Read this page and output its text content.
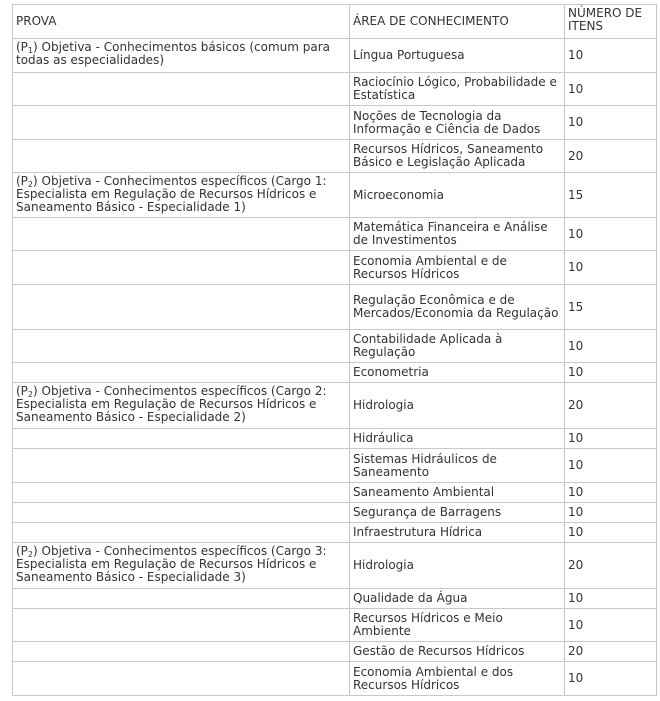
PROVA	ÁREA DE CONHECIMENTO	NÚMERO DE ITENS
$(P_1)$ Objetiva - Conhecimentos básicos (comum para todas as especialidades)	Língua Portuguesa	10
	Raciocínio Lógico, Probabilidade e Estatística	10
	Noções de Tecnologia da Informação e Ciência de Dados	10
	Recursos Hídricos, Saneamento Básico e Legislação Aplicada	20
$(P_2)$ Objetiva - Conhecimentos específicos (Cargo 1: Especialista em Regulação de Recursos Hídricos e Saneamento Básico - Especialidade 1)	Microeconomia	15
	Matemática Financeira e Análise de Investimentos	10
	Economia Ambiental e de Recursos Hídricos	10
	Regulação Econômica e de Mercados/Economia da Regulação	15
	Contabilidade Aplicada à Regulação	10
	Econometria	10
$(P_2)$ Objetiva - Conhecimentos específicos (Cargo 2: Especialista em Regulação de Recursos Hídricos e Saneamento Básico - Especialidade 2)	Hidrologia	20
	Hidráulica	10
	Sistemas Hidráulicos de Saneamento	10
	Saneamento Ambiental	10
	Segurança de Barragens	10
	Infraestrutura Hídrica	10
$(P_2)$ Objetiva - Conhecimentos específicos (Cargo 3: Especialista em Regulação de Recursos Hídricos e Saneamento Básico - Especialidade 3)	Hidrologia	20
	Qualidade da Água	10
	Recursos Hídricos e Meio Ambiente	10
	Gestão de Recursos Hídricos	20
	Economia Ambiental e dos Recursos Hídricos	10
